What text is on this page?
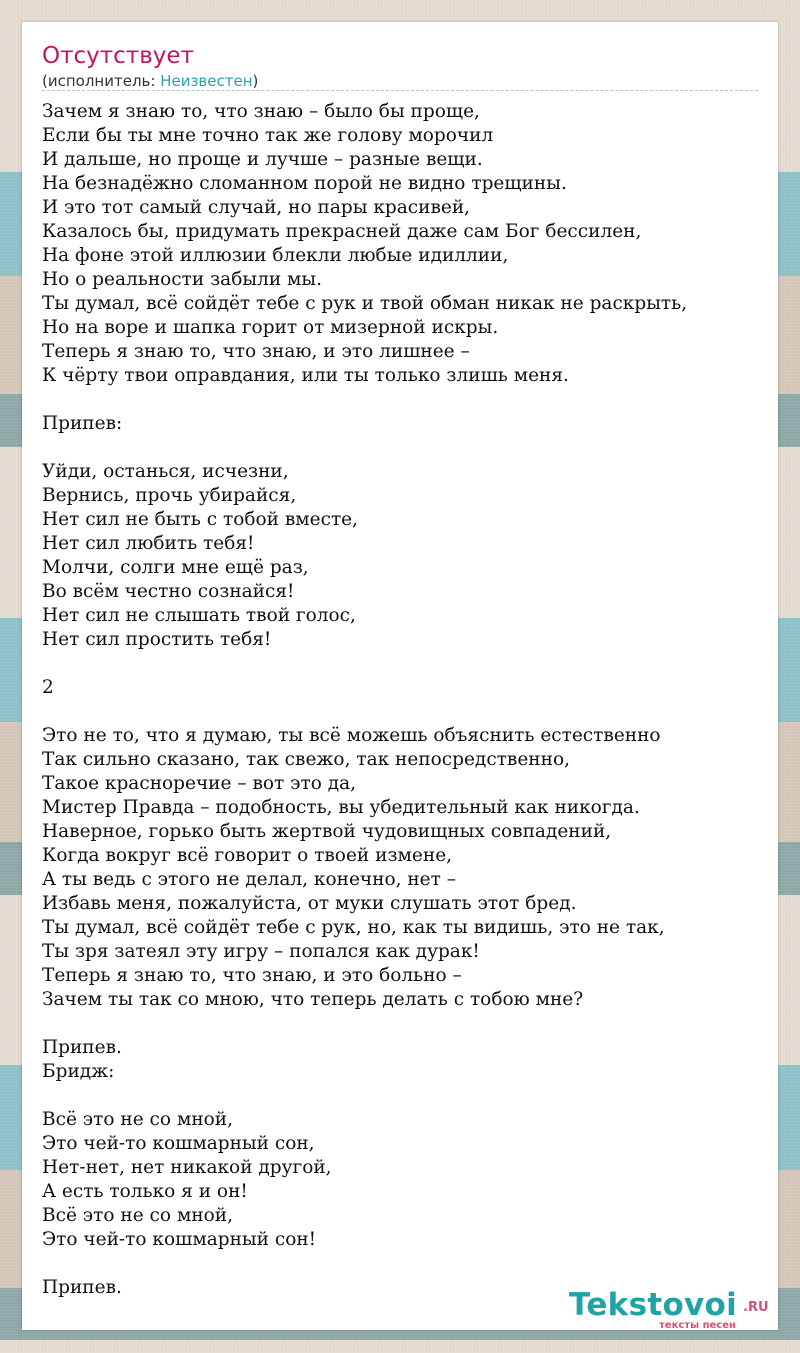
Отсутствует
(исполнитель: Неизвестен)
Зачем я знаю то, что знаю – было бы проще,
Если бы ты мне точно так же голову морочил
И дальше, но проще и лучше – разные вещи.
На безнадёжно сломанном порой не видно трещины.
И это тот самый случай, но пары красивей,
Казалось бы, придумать прекрасней даже сам Бог бессилен,
На фоне этой иллюзии блекли любые идиллии,
Но о реальности забыли мы.
Ты думал, всё сойдёт тебе с рук и твой обман никак не раскрыть,
Но на воре и шапка горит от мизерной искры.
Теперь я знаю то, что знаю, и это лишнее –
К чёрту твои оправдания, или ты только злишь меня.
Припев:
Уйди, останься, исчезни,
Вернись, прочь убирайся,
Нет сил не быть с тобой вместе,
Нет сил любить тебя!
Молчи, солги мне ещё раз,
Во всём честно сознайся!
Нет сил не слышать твой голос,
Нет сил простить тебя!
2
Это не то, что я думаю, ты всё можешь объяснить естественно
Так сильно сказано, так свежо, так непосредственно,
Такое красноречие – вот это да,
Мистер Правда – подобность, вы убедительный как никогда.
Наверное, горько быть жертвой чудовищных совпадений,
Когда вокруг всё говорит о твоей измене,
А ты ведь с этого не делал, конечно, нет –
Избавь меня, пожалуйста, от муки слушать этот бред.
Ты думал, всё сойдёт тебе с рук, но, как ты видишь, это не так,
Ты зря затеял эту игру – попался как дурак!
Теперь я знаю то, что знаю, и это больно –
Зачем ты так со мною, что теперь делать с тобою мне?
Припев.
Бридж:
Всё это не со мной,
Это чей-то кошмарный сон,
Нет-нет, нет никакой другой,
А есть только я и он!
Всё это не со мной,
Это чей-то кошмарный сон!
Припев.	Tekstovoi .RU
тексты песен
